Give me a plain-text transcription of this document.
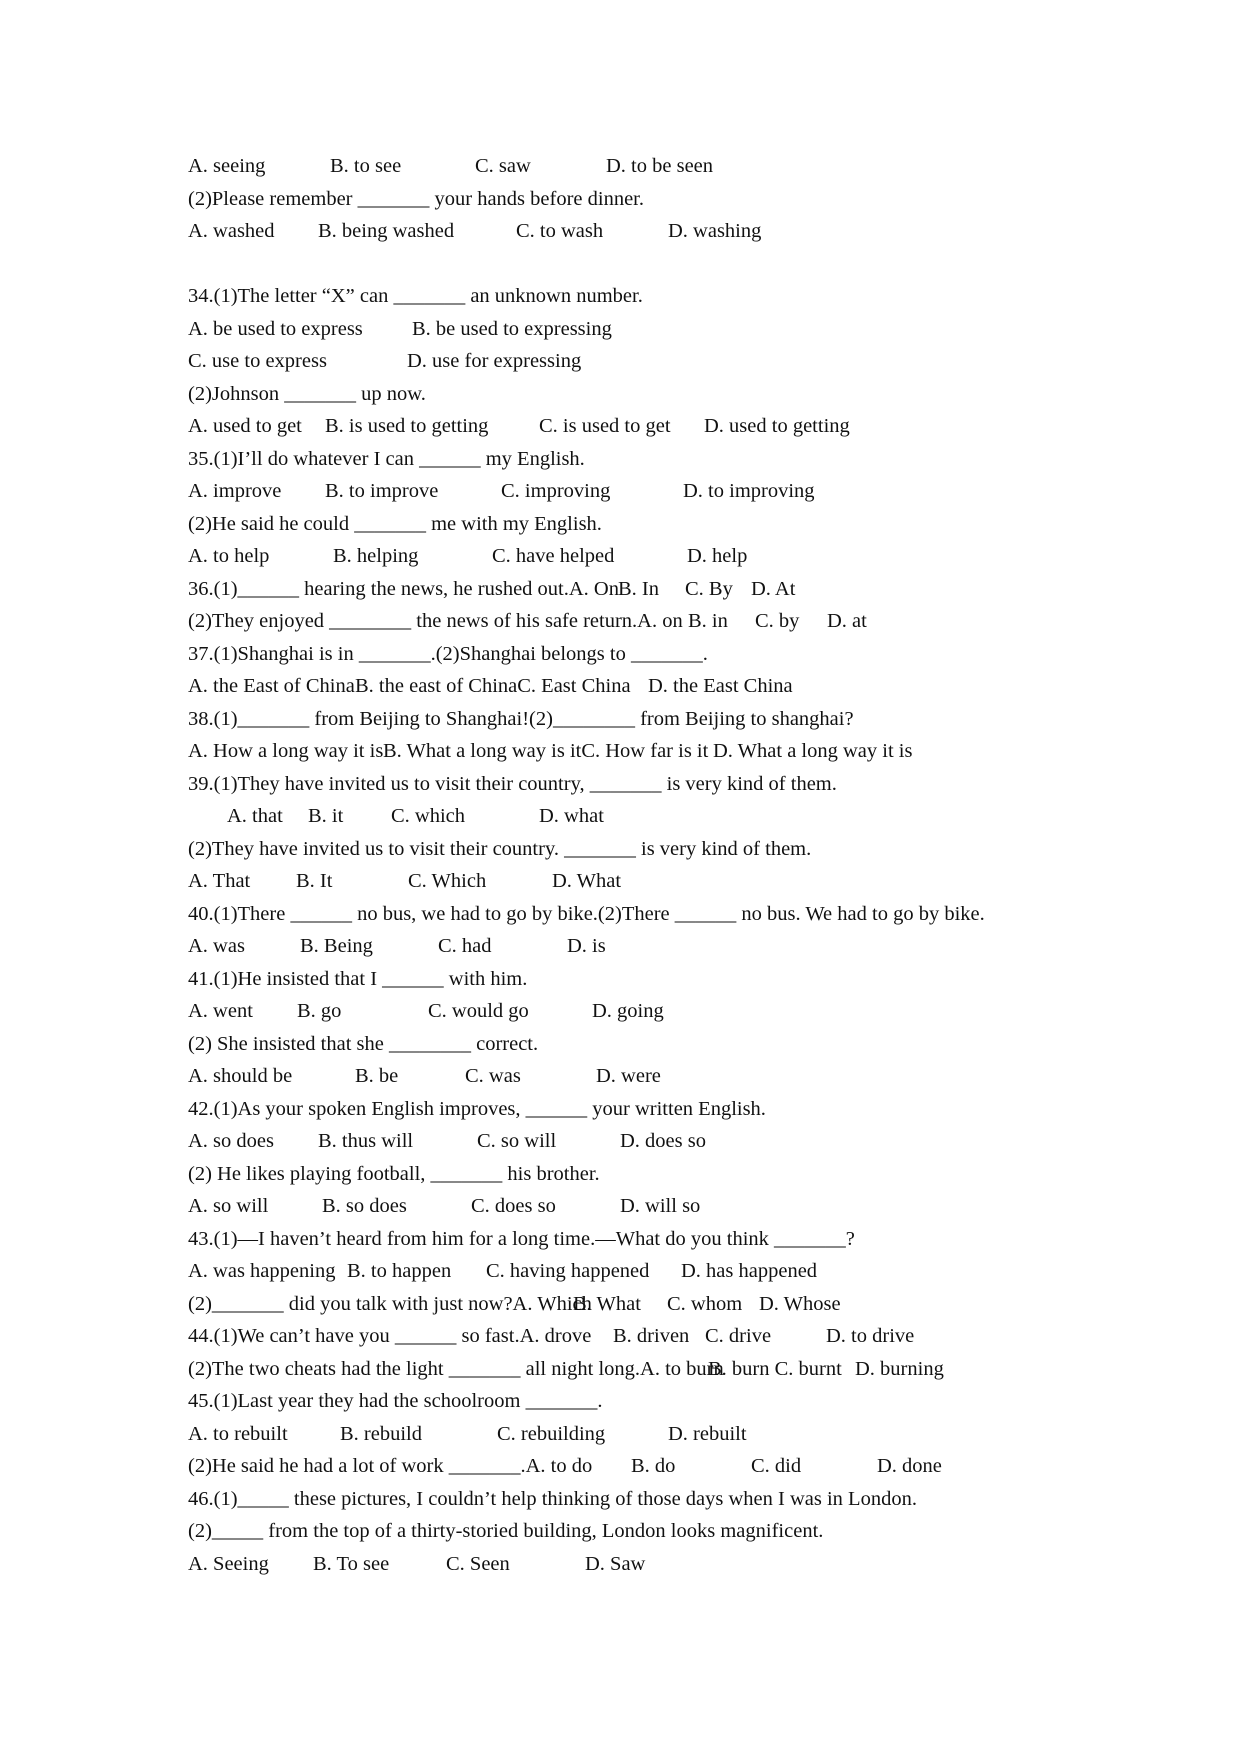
A. seeing	B. to see	C. saw	D. to be seen
(2)Please remember _______ your hands before dinner.
A. washed B. being washed	C. to wash	D. washing
34.(1)The letter “X” can _______ an unknown number.
A. be used to express B. be used to expressing
C. use to express	D. use for expressing
(2)Johnson _______ up now.
A. used to get B. is used to getting C. is used to get D. used to getting
35.(1)I’ll do whatever I can ______ my English.
A. improve B. to improve	C. improving	D. to improving
(2)He said he could _______ me with my English.
A. to help	B. helping	C. have helped	D. help
36.(1)______ hearing the news, he rushed out.A. On B. In C. By D. At
(2)They enjoyed ________ the news of his safe return.A. on B. in C. by D. at
37.(1)Shanghai is in _______.(2)Shanghai belongs to _______.
A. the East of China B. the east of ChinaC. East China D. the East China
38.(1)_______ from Beijing to Shanghai!(2)________ from Beijing to shanghai?
A. How a long way it is B. What a long way is itC. How far is it D. What a long way it is
39.(1)They have invited us to visit their country, _______ is very kind of them.
A. that B. it C. which	D. what
(2)They have invited us to visit their country. _______ is very kind of them.
A. That B. It	C. Which	D. What
40.(1)There ______ no bus, we had to go by bike.(2)There ______ no bus. We had to go by bike.
A. was	B. Being	C. had	D. is
41.(1)He insisted that I ______ with him.
A. went B. go	C. would go	D. going
(2) She insisted that she ________ correct.
A. should be	B. be	C. was	D. were
42.(1)As your spoken English improves, ______ your written English.
A. so does B. thus will	C. so will	D. does so
(2) He likes playing football, _______ his brother.
A. so will	B. so does	C. does so	D. will so
43.(1)—I haven’t heard from him for a long time.—What do you think _______?
A. was happening B. to happen C. having happened D. has happened
(2)_______ did you talk with just now?A. Which
B. What C. whom D. Whose
44.(1)We can’t have you ______ so fast.A. drove B. driven C. drive	D. to drive
(2)The two cheats had the light _______ all night long.A. to burn
B. burn C. burnt D. burning
45.(1)Last year they had the schoolroom _______.
A. to rebuilt	B. rebuild	C. rebuilding	D. rebuilt
(2)He said he had a lot of work _______.A. to do B. do	C. did	D. done
46.(1)_____ these pictures, I couldn’t help thinking of those days when I was in London.
(2)_____ from the top of a thirty-storied building, London looks magnificent.
A. Seeing B. To see	C. Seen	D. Saw
